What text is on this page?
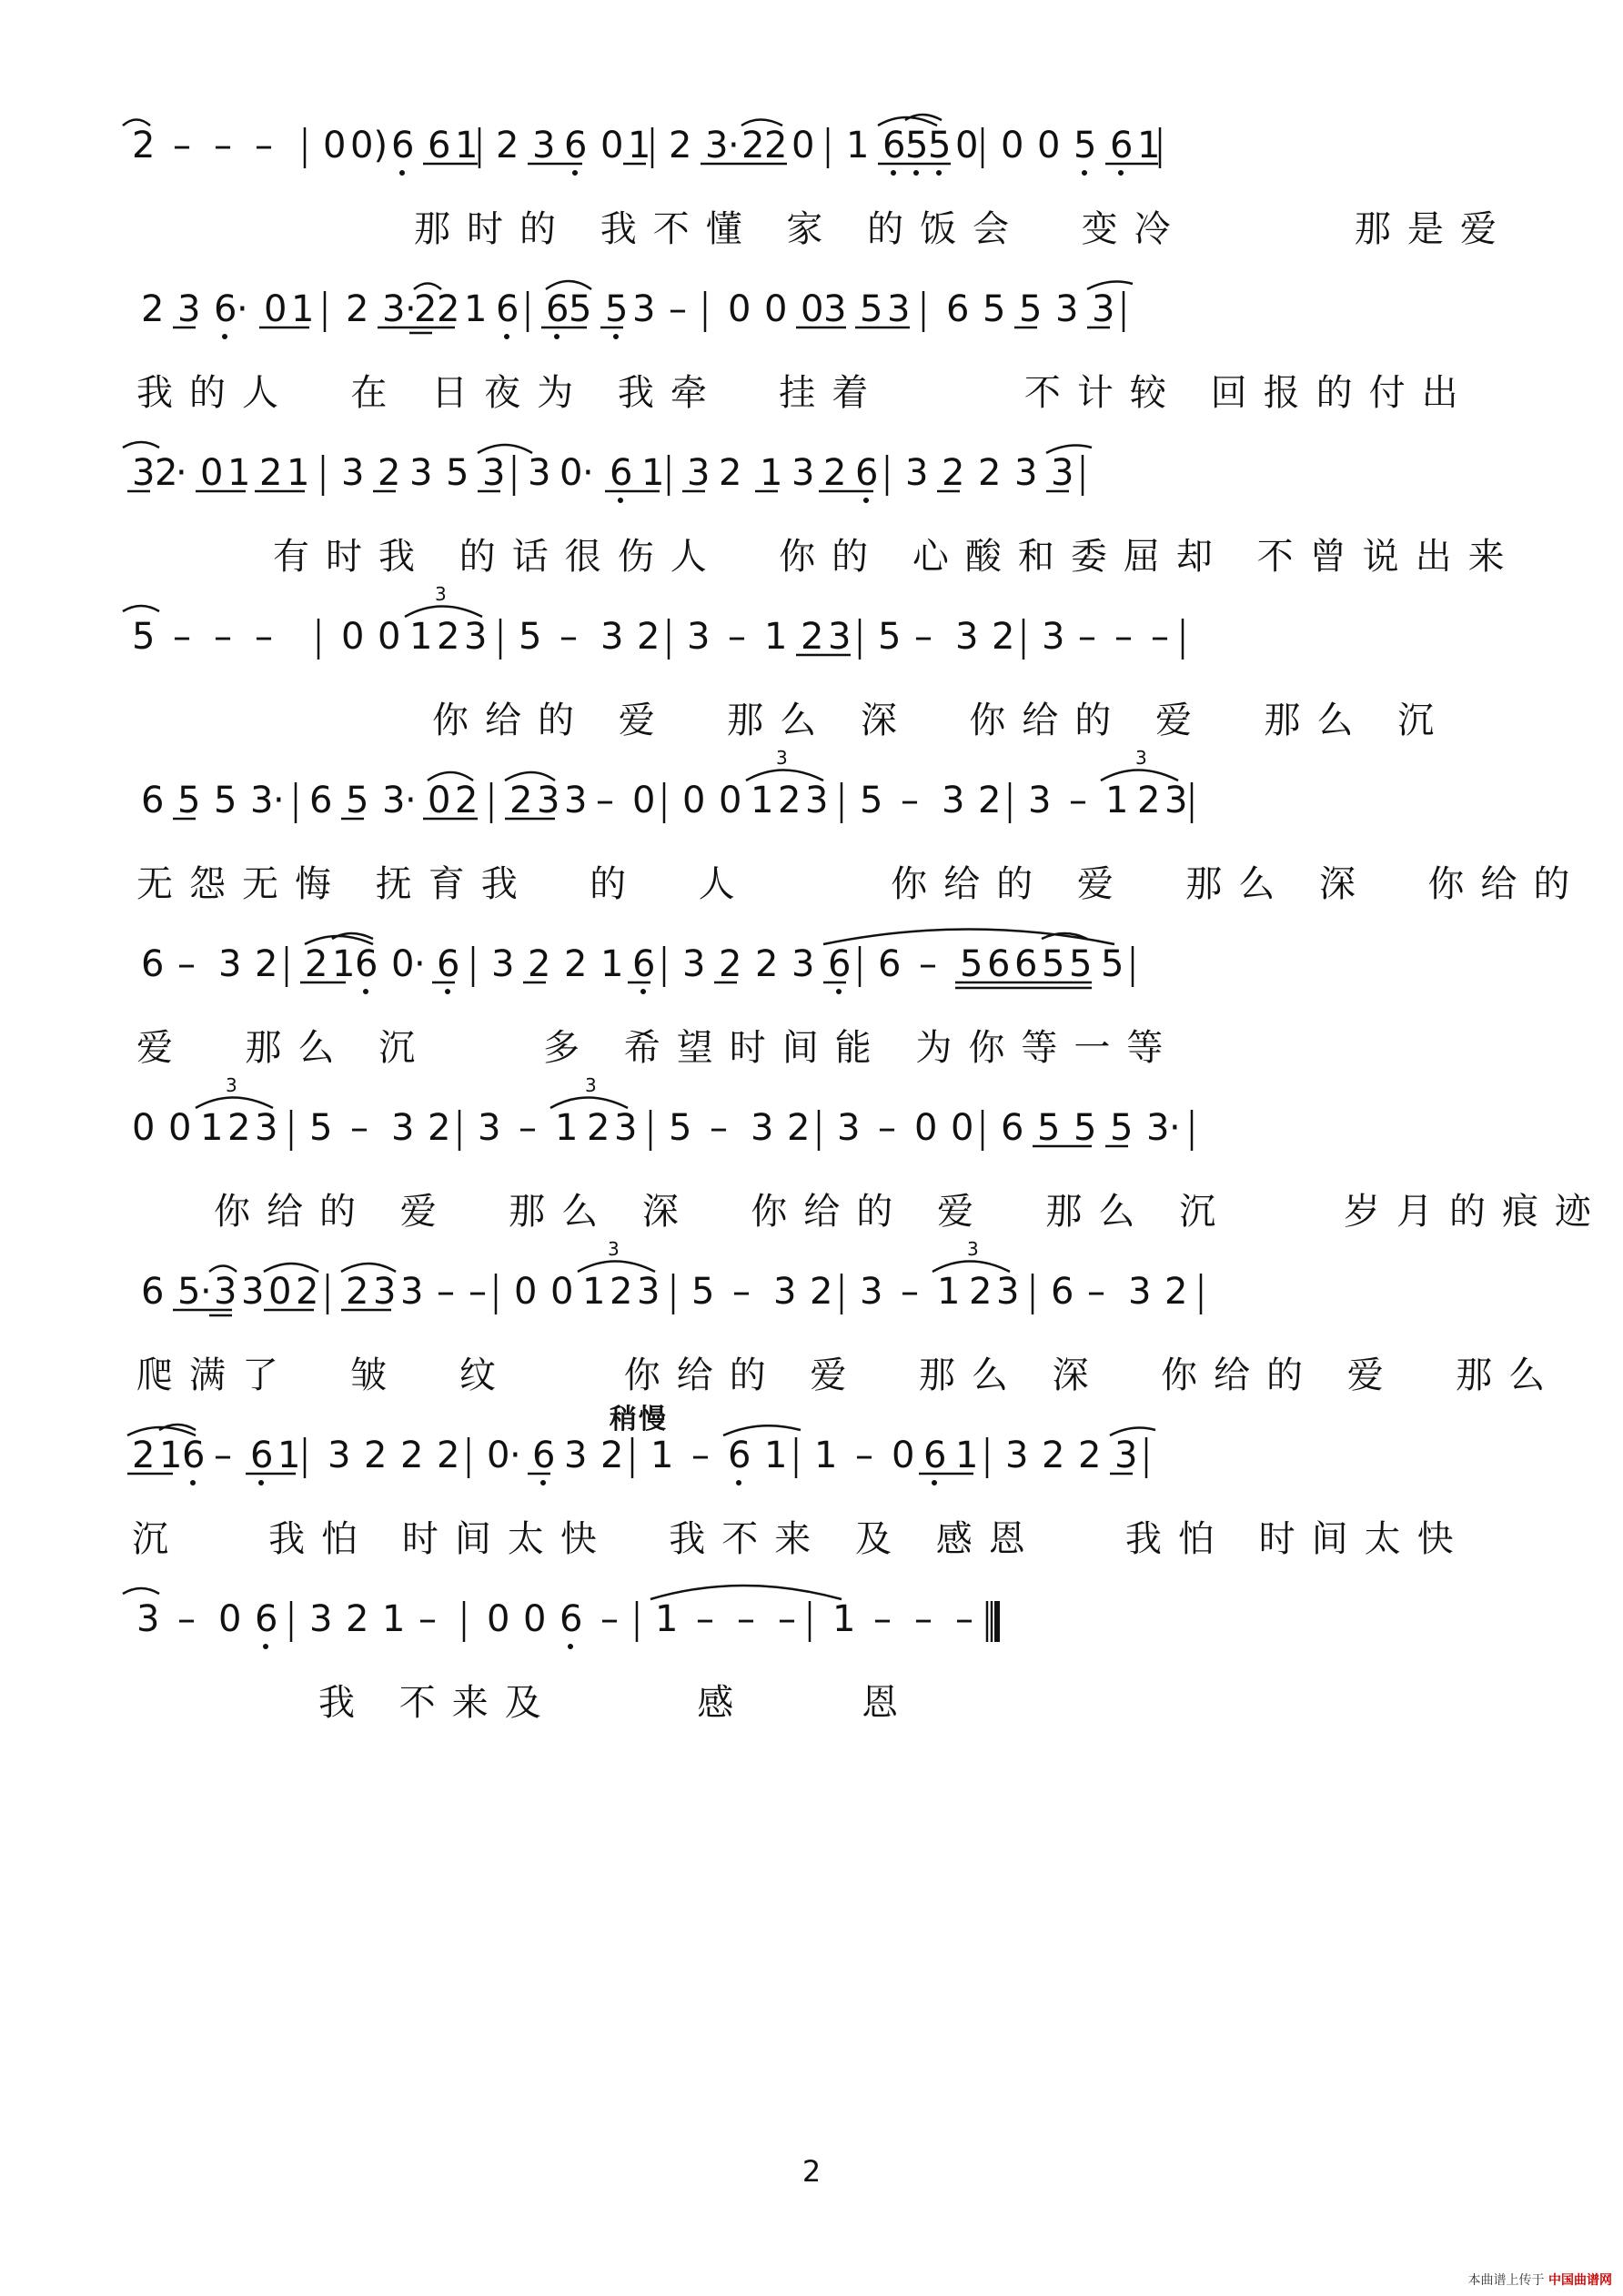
2 – – – 0 0) 6 6 1 2 3 6 0 1 2 3 · 2 2 0 1 6 5 5 0 0 0 5 6 1

那时的 我不懂 家 的饭会  变冷      那是爱

2 3 6 · 0 1 2 3 ·
2 2 1 6 6 5 5 3 – 0 0 0 3 5 3 6 5 5 3 3

我的人  在 日夜为 我牵  挂着     不计较 回报的付出

3 2
· 0 1 2 1 3 2 3 5 3 3 0 · 6 1 3 2 1 3 2 6 3 2 2 3 3

有时我 的话很伤人  你的 心酸和委屈却 不曾说出来

5 – – – 0 0 1 2 3 5 – 3 2 3 – 1 2 3 5 – 3 2 3 – – –
3

你给的 爱  那么 深  你给的 爱  那么 沉

6 5 5 3 · 6 5 3 · 0 2 2 3 3 – 0 0 0 1 2 3 5 – 3 2 3 – 1 2 3
3	3

无怨无悔 抚育我  的  人     你给的 爱  那么 深  你给的

6 – 3 2 2 1 6 0 · 6 3 2 2 1 6 3 2 2 3 6 6 – 5 6 6 5 5 5

爱  那么 沉    多 希望时间能 为你等一等

0 0 1 2 3 5 – 3 2 3 – 1 2 3 5 – 3 2 3 – 0 0 6 5 5 5 3 ·
3	3

你给的 爱  那么 深  你给的 爱  那么 沉    岁月的痕迹

6 5 · 3 3 0 2 2 3 3 – – 0 0 1 2 3 5 – 3 2 3 – 1 2 3 6 – 3 2
3	3

爬满了  皱  纹    你给的 爱  那么 深  你给的 爱  那么

稍慢
2 1 6 – 6 1 3 2 2 2 0 · 6 3 2 1 – 6 1 1 – 0 6 1 3 2 2 3

沉   我怕 时间太快  我不来 及 感恩   我怕 时间太快

3 – 0 6 3 2 1 – 0 0 6 – 1 – – – 1 – – –

我 不来及     感    恩

2
本曲谱上传于 中国曲谱网
